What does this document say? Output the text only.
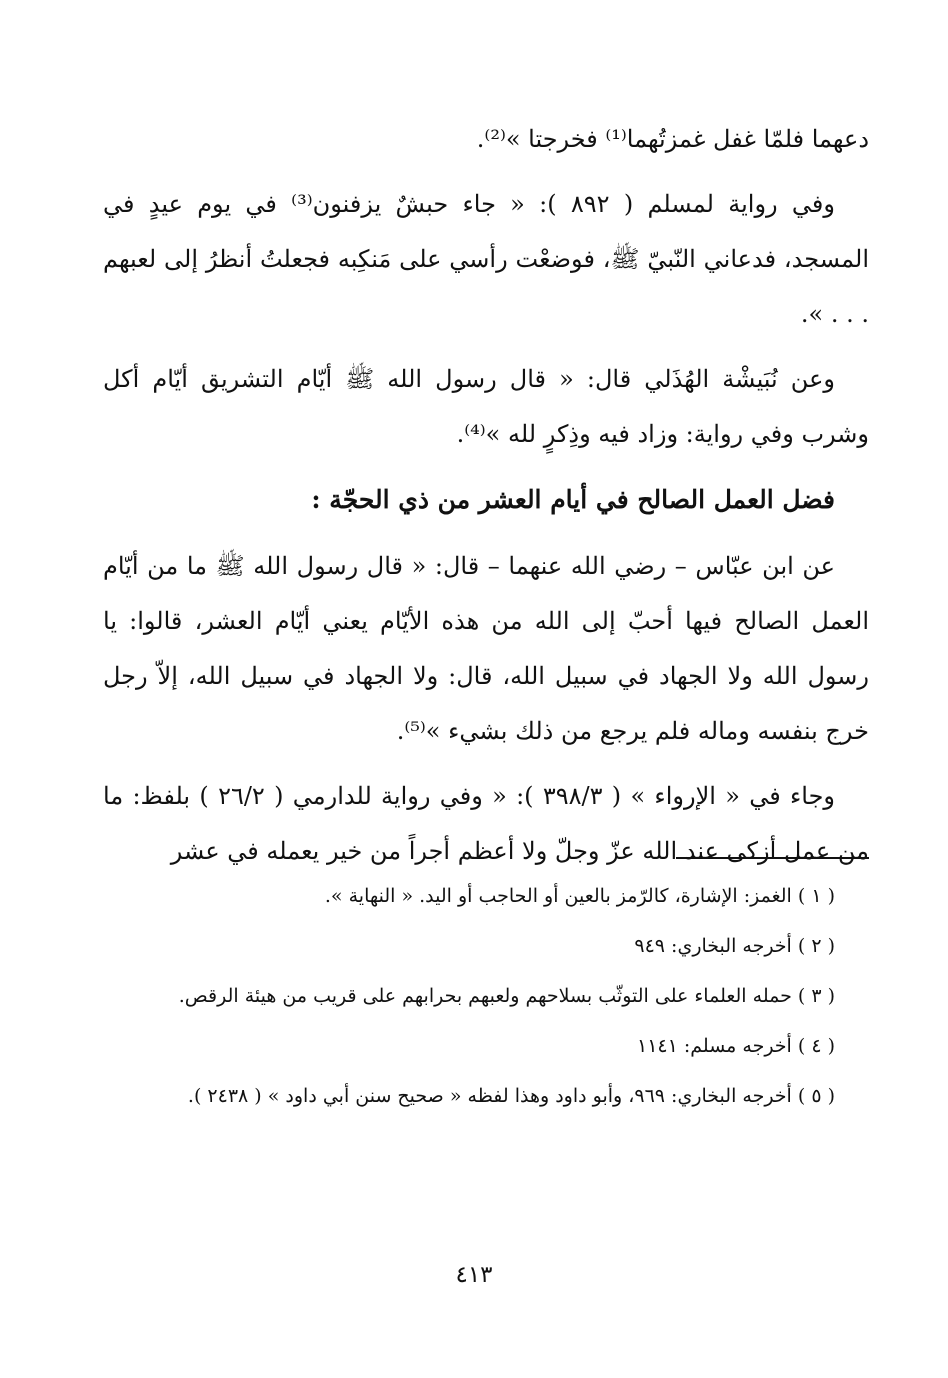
دعهما فلمّا غفل غمزتُهما⁽¹⁾ فخرجتا »⁽²⁾.

وفي رواية لمسلم ( ٨٩٢ ): « جاء حبشٌ يزفنون⁽³⁾ في يوم عيدٍ في المسجد، فدعاني النّبيّ ﷺ، فوضعْت رأسي على مَنكِبه فجعلتُ أنظرُ إلى لعبهم . . . ».

وعن نُبَيشْة الهُذَلي قال: « قال رسول الله ﷺ أيّام التشريق أيّام أكل وشرب وفي رواية: وزاد فيه وذِكرٍ لله »⁽⁴⁾.

فضل العمل الصالح في أيام العشر من ذي الحجّة :

عن ابن عبّاس – رضي الله عنهما – قال: « قال رسول الله ﷺ ما من أيّام العمل الصالح فيها أحبّ إلى الله من هذه الأيّام يعني أيّام العشر، قالوا: يا رسول الله ولا الجهاد في سبيل الله، قال: ولا الجهاد في سبيل الله، إلاّ رجل خرج بنفسه وماله فلم يرجع من ذلك بشيء »⁽⁵⁾.

وجاء في « الإرواء » ( ٣٩٨/٣ ): « وفي رواية للدارمي ( ٢٦/٢ ) بلفظ: ما من عمل أزكى عند الله عزّ وجلّ ولا أعظم أجراً من خير يعمله في عشر

( ١ ) الغمز: الإشارة، كالرّمز بالعين أو الحاجب أو اليد. « النهاية ».

( ٢ ) أخرجه البخاري: ٩٤٩

( ٣ ) حمله العلماء على التوثّب بسلاحهم ولعبهم بحرابهم على قريب من هيئة الرقص.

( ٤ ) أخرجه مسلم: ١١٤١

( ٥ ) أخرجه البخاري: ٩٦٩، وأبو داود وهذا لفظه « صحيح سنن أبي داود » ( ٢٤٣٨ ).

٤١٣
